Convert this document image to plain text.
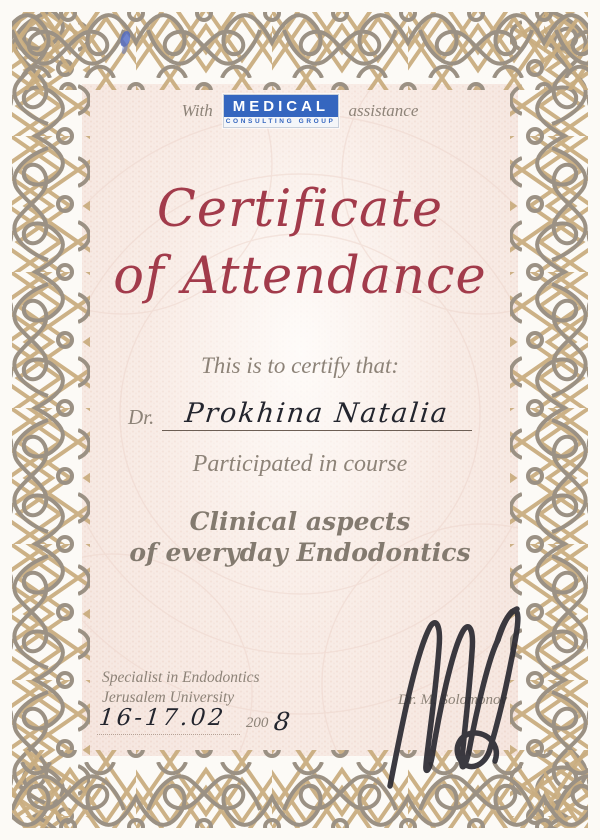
With	MEDICAL
CONSULTING GROUP
assistance
Certificate
of Attendance
This is to certify that:
Dr.	Prokhina Natalia
Participated in course
Clinical aspects
of everyday Endodontics
Specialist in Endodontics
Jerusalem University
16-17.02	200 8
Dr. M. Solomonov
